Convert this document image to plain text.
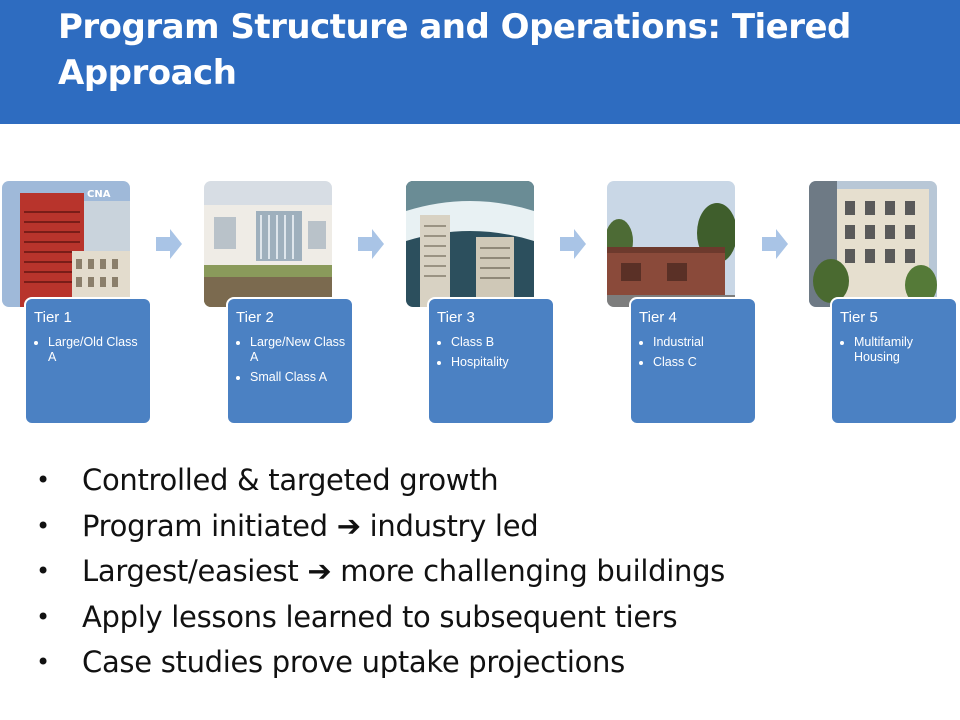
Program Structure and Operations: Tiered Approach
CNA
Tier 1
• Large/Old Class A
Tier 2
• Large/New Class A
• Small Class A
Tier 3
• Class B
• Hospitality
Tier 4
• Industrial
• Class C
Tier 5
• Multifamily Housing
• Controlled & targeted growth
• Program initiated ➔ industry led
• Largest/easiest ➔ more challenging buildings
• Apply lessons learned to subsequent tiers
• Case studies prove uptake projections
